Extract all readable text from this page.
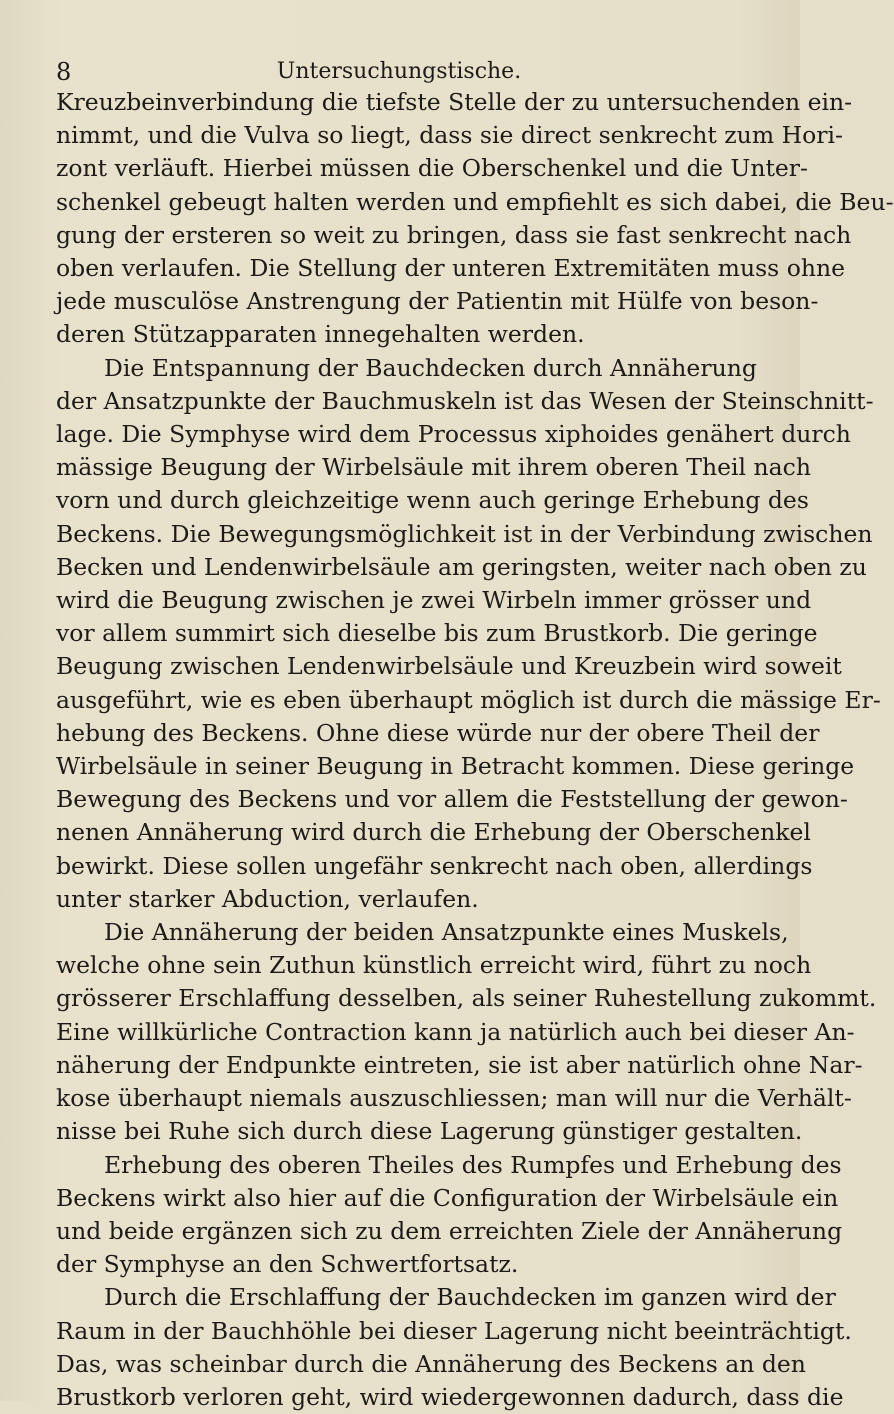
8	Untersuchungstische.
Kreuzbeinverbindung die tiefste Stelle der zu untersuchenden ein-
nimmt, und die Vulva so liegt, dass sie direct senkrecht zum Hori-
zont verläuft. Hierbei müssen die Oberschenkel und die Unter-
schenkel gebeugt halten werden und empfiehlt es sich dabei, die Beu-
gung der ersteren so weit zu bringen, dass sie fast senkrecht nach
oben verlaufen. Die Stellung der unteren Extremitäten muss ohne
jede musculöse Anstrengung der Patientin mit Hülfe von beson-
deren Stützapparaten innegehalten werden.
Die Entspannung der Bauchdecken durch Annäherung
der Ansatzpunkte der Bauchmuskeln ist das Wesen der Steinschnitt-
lage. Die Symphyse wird dem Processus xiphoides genähert durch
mässige Beugung der Wirbelsäule mit ihrem oberen Theil nach
vorn und durch gleichzeitige wenn auch geringe Erhebung des
Beckens. Die Bewegungsmöglichkeit ist in der Verbindung zwischen
Becken und Lendenwirbelsäule am geringsten, weiter nach oben zu
wird die Beugung zwischen je zwei Wirbeln immer grösser und
vor allem summirt sich dieselbe bis zum Brustkorb. Die geringe
Beugung zwischen Lendenwirbelsäule und Kreuzbein wird soweit
ausgeführt, wie es eben überhaupt möglich ist durch die mässige Er-
hebung des Beckens. Ohne diese würde nur der obere Theil der
Wirbelsäule in seiner Beugung in Betracht kommen. Diese geringe
Bewegung des Beckens und vor allem die Feststellung der gewon-
nenen Annäherung wird durch die Erhebung der Oberschenkel
bewirkt. Diese sollen ungefähr senkrecht nach oben, allerdings
unter starker Abduction, verlaufen.
Die Annäherung der beiden Ansatzpunkte eines Muskels,
welche ohne sein Zuthun künstlich erreicht wird, führt zu noch
grösserer Erschlaffung desselben, als seiner Ruhestellung zukommt.
Eine willkürliche Contraction kann ja natürlich auch bei dieser An-
näherung der Endpunkte eintreten, sie ist aber natürlich ohne Nar-
kose überhaupt niemals auszuschliessen; man will nur die Verhält-
nisse bei Ruhe sich durch diese Lagerung günstiger gestalten.
Erhebung des oberen Theiles des Rumpfes und Erhebung des
Beckens wirkt also hier auf die Configuration der Wirbelsäule ein
und beide ergänzen sich zu dem erreichten Ziele der Annäherung
der Symphyse an den Schwertfortsatz.
Durch die Erschlaffung der Bauchdecken im ganzen wird der
Raum in der Bauchhöhle bei dieser Lagerung nicht beeinträchtigt.
Das, was scheinbar durch die Annäherung des Beckens an den
Brustkorb verloren geht, wird wiedergewonnen dadurch, dass die
